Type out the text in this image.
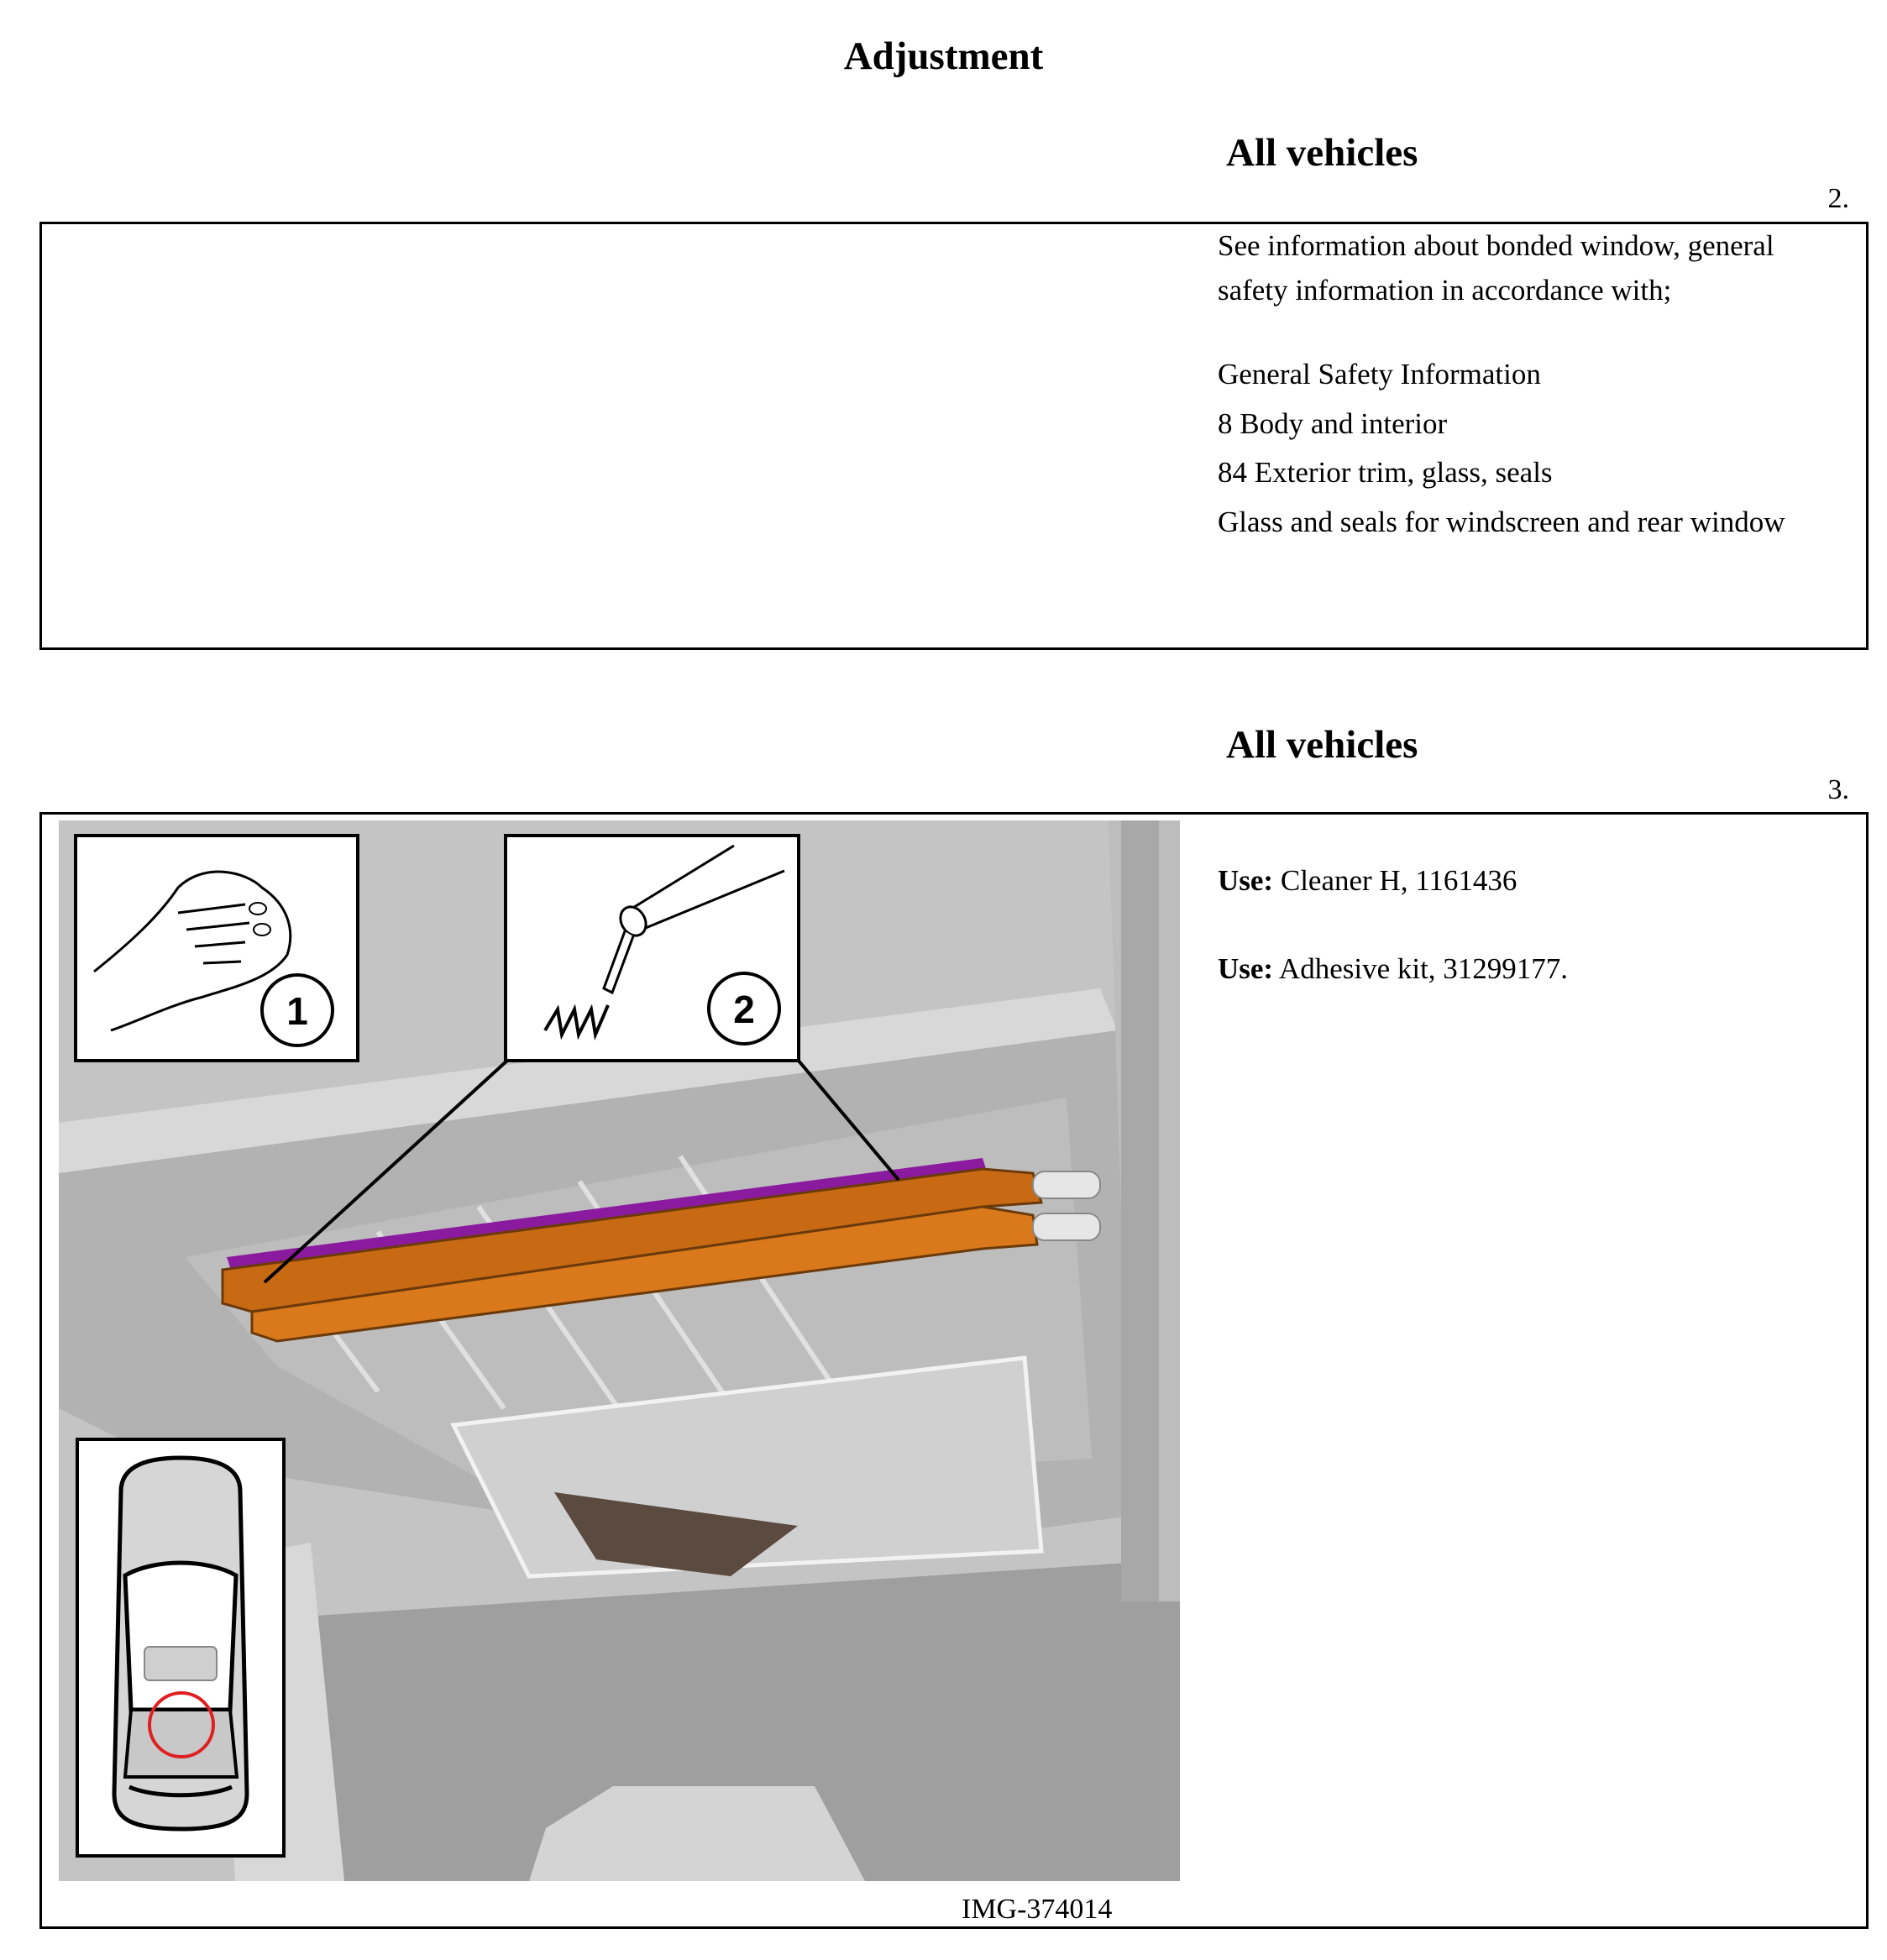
Adjustment
All vehicles
2.

See information about bonded window, general

safety information in accordance with;

General Safety Information

8 Body and interior

84 Exterior trim, glass, seals

Glass and seals for windscreen and rear window

All vehicles
3.

Use: Cleaner H, 1161436

Use: Adhesive kit, 31299177.

1	2
IMG-374014
